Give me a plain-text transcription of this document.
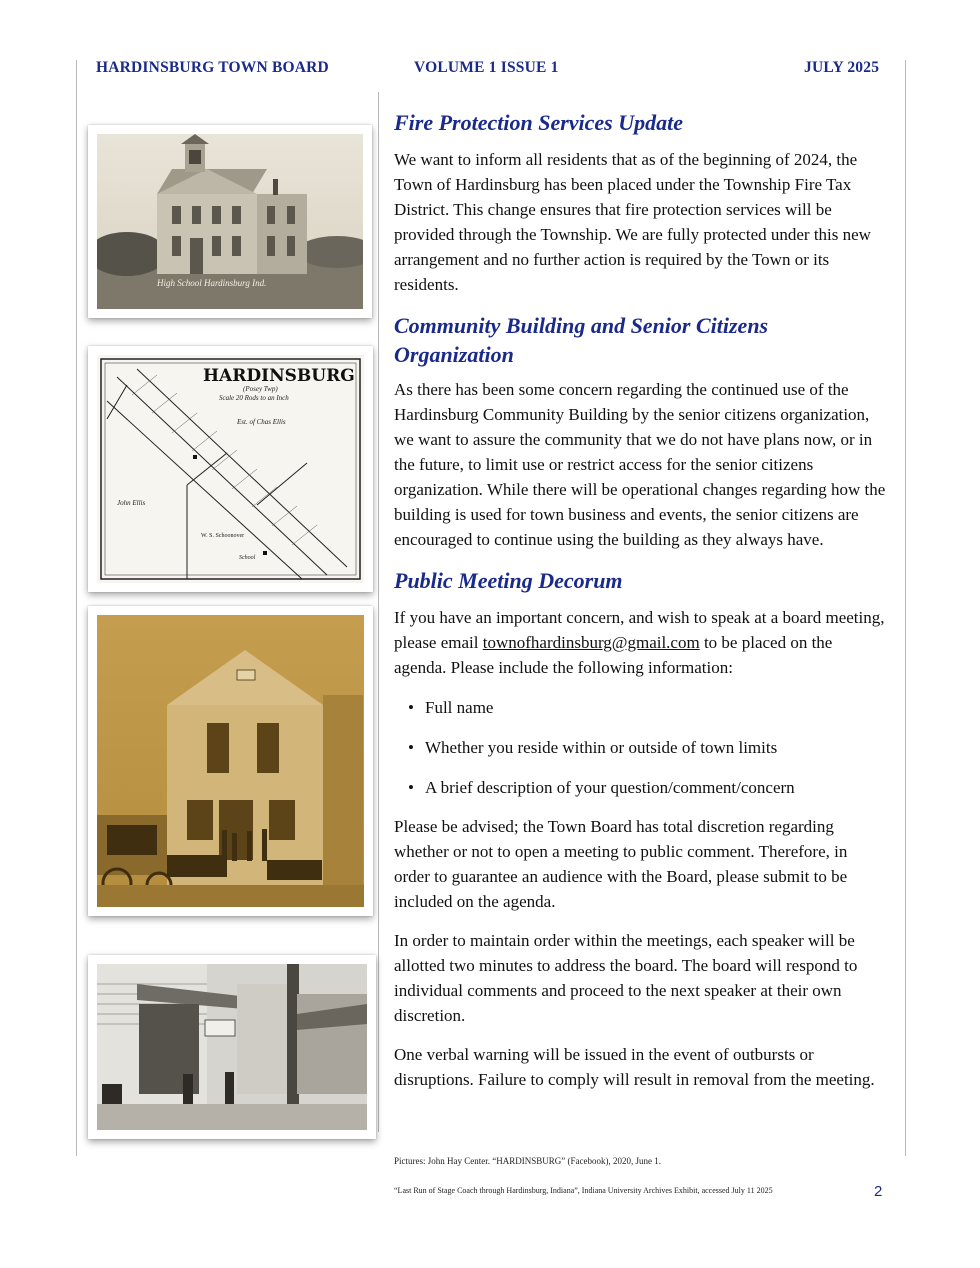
HARDINSBURG TOWN BOARD	VOLUME 1 ISSUE 1	JULY 2025
High School Hardinsburg Ind.
HARDINSBURG
(Posey Twp)
Scale 20 Rods to an Inch
Est. of Chas Ellis
John Ellis
W. S. Schoonover
School
Fire Protection Services Update

We want to inform all residents that as of the beginning of 2024, the Town of Hardinsburg has been placed under the Township Fire Tax District. This change ensures that fire protection services will be provided through the Township. We are fully protected under this new arrangement and no further action is required by the Town or its residents.

Community Building and Senior Citizens Organization

As there has been some concern regarding the continued use of the Hardinsburg Community Building by the senior citizens organization, we want to assure the community that we do not have plans now, or in the future, to limit use or restrict access for the senior citizens organization. While there will be operational changes regarding how the building is used for town business and events, the senior citizens are encouraged to continue using the building as they always have.

Public Meeting Decorum

If you have an important concern, and wish to speak at a board meeting, please email townofhardinsburg@gmail.com to be placed on the agenda. Please include the following information:

• Full name
• Whether you reside within or outside of town limits
• A brief description of your question/comment/concern

Please be advised; the Town Board has total discretion regarding whether or not to open a meeting to public comment. Therefore, in order to guarantee an audience with the Board, please submit to be included on the agenda.

In order to maintain order within the meetings, each speaker will be allotted two minutes to address the board. The board will respond to individual comments and proceed to the next speaker at their own discretion.

One verbal warning will be issued in the event of outbursts or disruptions. Failure to comply will result in removal from the meeting.

Pictures: John Hay Center. “HARDINSBURG” (Facebook), 2020, June 1.
“Last Run of Stage Coach through Hardinsburg, Indiana”, Indiana University Archives Exhibit, accessed July 11 2025	2
